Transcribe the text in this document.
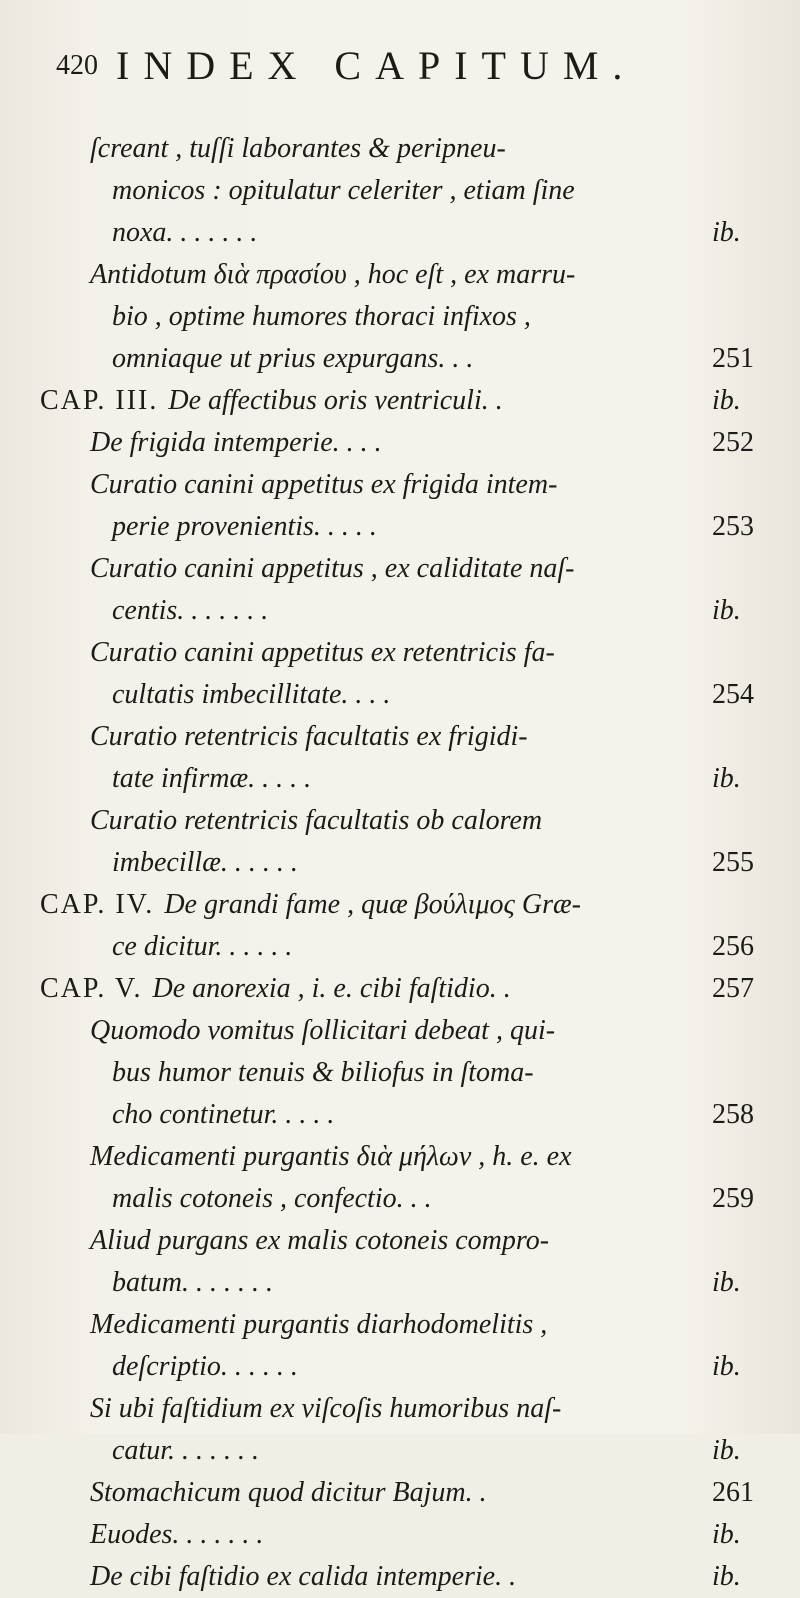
420 INDEX CAPITUM.
ſcreant , tuſſi laborantes & peripneu-
monicos : opitulatur celeriter , etiam ſine
noxa. . . . . . .	ib.
Antidotum διὰ πρασίου , hoc eſt , ex marru-
bio , optime humores thoraci infixos ,
omniaque ut prius expurgans. . .	251
CAP. III. De affectibus oris ventriculi. .	ib.
De frigida intemperie. . . .	252
Curatio canini appetitus ex frigida intem-
perie provenientis. . . . .	253
Curatio canini appetitus , ex caliditate naſ-
centis. . . . . . .	ib.
Curatio canini appetitus ex retentricis fa-
cultatis imbecillitate. . . .	254
Curatio retentricis facultatis ex frigidi-
tate infirmæ. . . . .	ib.
Curatio retentricis facultatis ob calorem
imbecillæ. . . . . .	255
CAP. IV. De grandi fame , quæ βούλιμος Græ-
ce dicitur. . . . . .	256
CAP. V. De anorexia , i. e. cibi faſtidio. .	257
Quomodo vomitus ſollicitari debeat , qui-
bus humor tenuis & biliofus in ſtoma-
cho continetur. . . . .	258
Medicamenti purgantis διὰ μήλων , h. e. ex
malis cotoneis , confectio. . .	259
Aliud purgans ex malis cotoneis compro-
batum. . . . . . .	ib.
Medicamenti purgantis diarhodomelitis ,
deſcriptio. . . . . .	ib.
Si ubi faſtidium ex viſcoſis humoribus naſ-
catur. . . . . . .	ib.
Stomachicum quod dicitur Bajum. .	261
Euodes. . . . . . .	ib.
De cibi faſtidio ex calida intemperie. .	ib.
